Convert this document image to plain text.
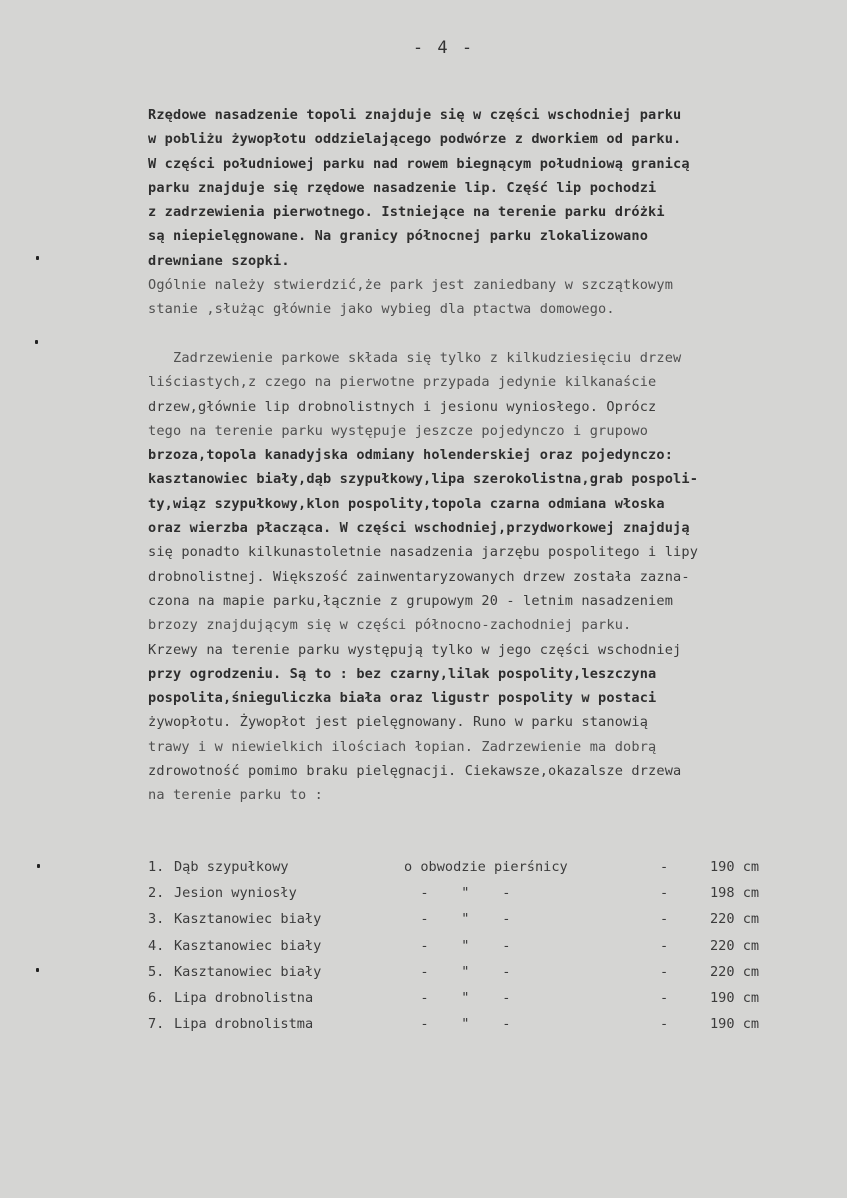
- 4 -
Rzędowe nasadzenie topoli znajduje się w części wschodniej parku
w pobliżu żywopłotu oddzielającego podwórze z dworkiem od parku.
W części południowej parku nad rowem biegnącym południową granicą
parku znajduje się rzędowe nasadzenie lip. Część lip pochodzi
z zadrzewienia pierwotnego. Istniejące na terenie parku dróżki
są niepielęgnowane. Na granicy północnej parku zlokalizowano
drewniane szopki.
Ogólnie należy stwierdzić,że park jest zaniedbany w szczątkowym
stanie ,służąc głównie jako wybieg dla ptactwa domowego.

Zadrzewienie parkowe składa się tylko z kilkudziesięciu drzew
liściastych,z czego na pierwotne przypada jedynie kilkanaście
drzew,głównie lip drobnolistnych i jesionu wyniosłego. Oprócz
tego na terenie parku występuje jeszcze pojedynczo i grupowo
brzoza,topola kanadyjska odmiany holenderskiej oraz pojedynczo:
kasztanowiec biały,dąb szypułkowy,lipa szerokolistna,grab pospoli-
ty,wiąz szypułkowy,klon pospolity,topola czarna odmiana włoska
oraz wierzba płacząca. W części wschodniej,przydworkowej znajdują
się ponadto kilkunastoletnie nasadzenia jarzębu pospolitego i lipy
drobnolistnej. Większość zainwentaryzowanych drzew została zazna-
czona na mapie parku,łącznie z grupowym 20 - letnim nasadzeniem
brzozy znajdującym się w części północno-zachodniej parku.
Krzewy na terenie parku występują tylko w jego części wschodniej
przy ogrodzeniu. Są to : bez czarny,lilak pospolity,leszczyna
pospolita,śnieguliczka biała oraz ligustr pospolity w postaci
żywopłotu. Żywopłot jest pielęgnowany. Runo w parku stanowią
trawy i w niewielkich ilościach łopian. Zadrzewienie ma dobrą
zdrowotność pomimo braku pielęgnacji. Ciekawsze,okazalsze drzewa
na terenie parku to :
1. Dąb szypułkowy	o obwodzie pierśnicy	-	190 cm
2. Jesion wyniosły	-    "    -	-	198 cm
3. Kasztanowiec biały	-    "    -	-	220 cm
4. Kasztanowiec biały	-    "    -	-	220 cm
5. Kasztanowiec biały	-    "    -	-	220 cm
6. Lipa drobnolistna	-    "    -	-	190 cm
7. Lipa drobnolistma	-    "    -	-	190 cm
